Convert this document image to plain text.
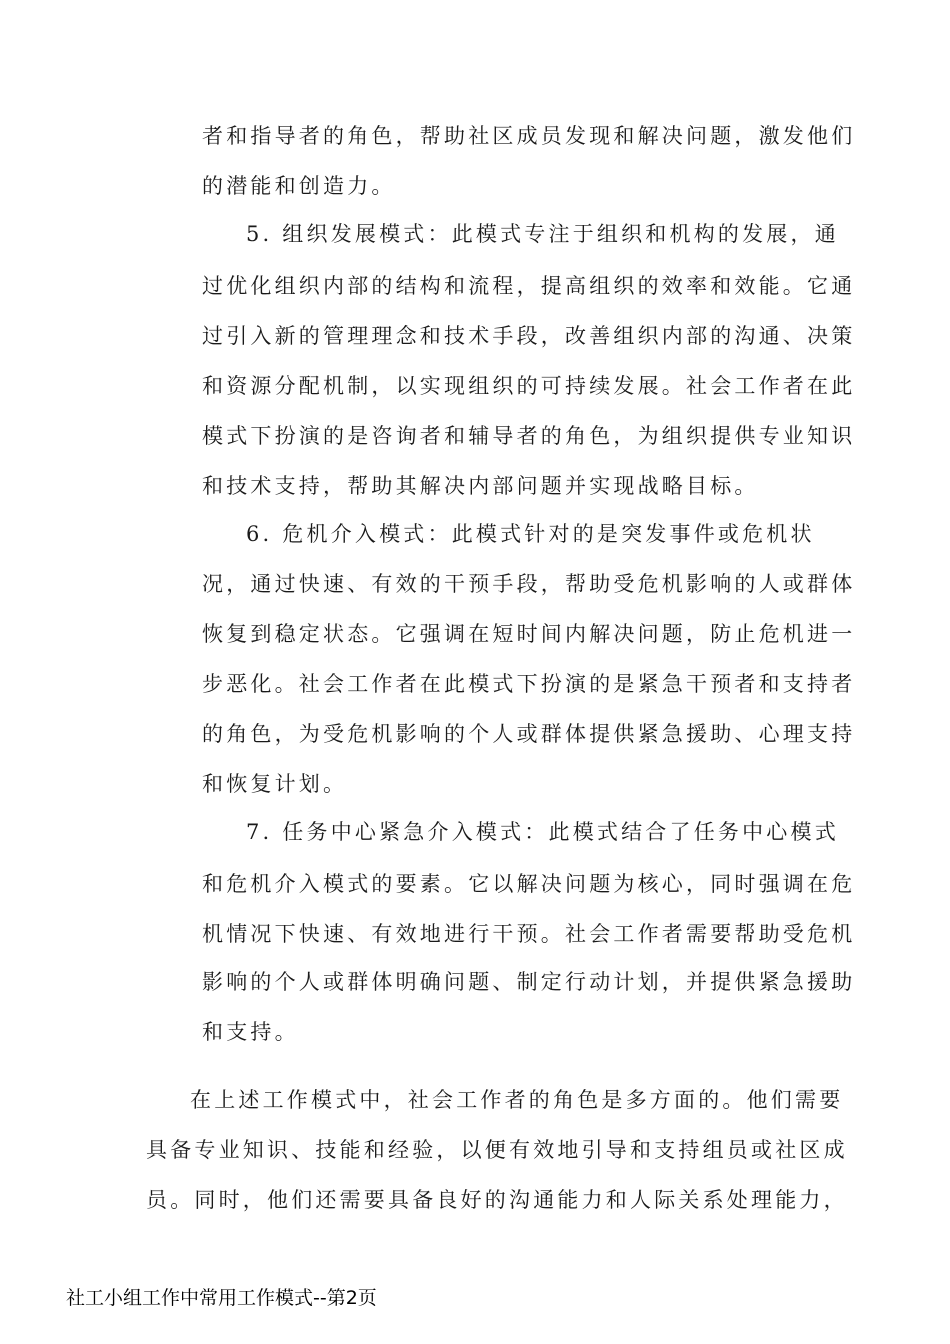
者和指导者的角色，帮助社区成员发现和解决问题，激发他们
的潜能和创造力。
5. 组织发展模式：此模式专注于组织和机构的发展，通
过优化组织内部的结构和流程，提高组织的效率和效能。它通
过引入新的管理理念和技术手段，改善组织内部的沟通、决策
和资源分配机制，以实现组织的可持续发展。社会工作者在此
模式下扮演的是咨询者和辅导者的角色，为组织提供专业知识
和技术支持，帮助其解决内部问题并实现战略目标。
6. 危机介入模式：此模式针对的是突发事件或危机状
况，通过快速、有效的干预手段，帮助受危机影响的人或群体
恢复到稳定状态。它强调在短时间内解决问题，防止危机进一
步恶化。社会工作者在此模式下扮演的是紧急干预者和支持者
的角色，为受危机影响的个人或群体提供紧急援助、心理支持
和恢复计划。
7. 任务中心紧急介入模式：此模式结合了任务中心模式
和危机介入模式的要素。它以解决问题为核心，同时强调在危
机情况下快速、有效地进行干预。社会工作者需要帮助受危机
影响的个人或群体明确问题、制定行动计划，并提供紧急援助
和支持。
在上述工作模式中，社会工作者的角色是多方面的。他们需要
具备专业知识、技能和经验，以便有效地引导和支持组员或社区成
员。同时，他们还需要具备良好的沟通能力和人际关系处理能力，
社工小组工作中常用工作模式--第2页
